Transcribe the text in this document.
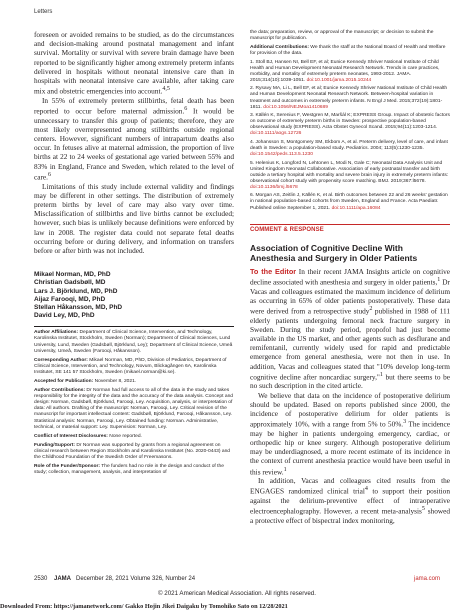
Letters

foreseen or avoided remains to be studied, as do the circumstances and decision-making around postnatal management and infant survival. Mortality or survival with severe brain damage have been reported to be significantly higher among extremely preterm infants delivered in hospitals without neonatal intensive care than in hospitals with neonatal intensive care available, after taking care mix and obstetric emergencies into account.$^{4,5}$

In 55% of extremely preterm stillbirths, fetal death has been reported to occur before maternal admission.$^6$ It would be unnecessary to transfer this group of patients; therefore, they are most likely overrepresented among stillbirths outside regional centers. However, significant numbers of intrapartum deaths also occur. In fetuses alive at maternal admission, the proportion of live births at 22 to 24 weeks of gestational age varied between 55% and 83% in England, France and Sweden, which related to the level of care.$^6$

Limitations of this study include external validity and findings may be different in other settings. The distribution of extremely preterm births by level of care may also vary over time. Misclassification of stillbirths and live births cannot be excluded; however, such bias is unlikely because definitions were enforced by law in 2008. The register data could not separate fetal deaths occurring before or during delivery, and information on transfers before or after birth was not included.

Mikael Norman, MD, PhD
Christian Gadsbøll, MD
Lars J. Björklund, MD, PhD
Aijaz Farooqi, MD, PhD
Stellan Håkansson, MD, PhD
David Ley, MD, PhD

Author Affiliations: Department of Clinical Science, Intervention, and Technology, Karolinska Institutet, Stockholm, Sweden (Norman); Department of Clinical Sciences, Lund University, Lund, Sweden (Gadsbøll, Björklund, Ley); Department of Clinical Science, Umeå University, Umeå, Sweden (Farooqi, Håkansson).

Corresponding Author: Mikael Norman, MD, PhD, Division of Pediatrics, Department of Clinical Science, Intervention, and Technology, Novum, Blickagången 6A, Karolinska Institutet, SE 141 57 Stockholm, Sweden (mikael.norman@ki.se).

Accepted for Publication: November 8, 2021.

Author Contributions: Dr Norman had full access to all of the data in the study and takes responsibility for the integrity of the data and the accuracy of the data analysis. Concept and design: Norman, Gadsbøll, Björklund, Farooqi, Ley. Acquisition, analysis, or interpretation of data: All authors. Drafting of the manuscript: Norman, Farooqi, Ley. Critical revision of the manuscript for important intellectual content: Gadsbøll, Björklund, Farooqi, Håkansson, Ley. Statistical analysis: Norman, Farooqi, Ley. Obtained funding: Norman. Administrative, technical, or material support: Ley. Supervision: Norman, Ley.

Conflict of Interest Disclosures: None reported.

Funding/Support: Dr Norman was supported by grants from a regional agreement on clinical research between Region Stockholm and Karolinska Institutet (No. 2020-0443) and the Childhood Foundation of the Swedish Order of Freemasons.

Role of the Funder/Sponsor: The funders had no role in the design and conduct of the study; collection, management, analysis, and interpretation of

the data; preparation, review, or approval of the manuscript; or decision to submit the manuscript for publication.

Additional Contributions: We thank the staff at the National Board of Health and Welfare for provision of the data.

1. Stoll BJ, Hansen NI, Bell EF, et al; Eunice Kennedy Shriver National Institute of Child Health and Human Development Neonatal Research Network. Trends in care practices, morbidity, and mortality of extremely preterm neonates, 1993-2012. JAMA. 2015;314(10):1039-1051. doi:10.1001/jama.2015.10244

2. Rysavy MA, Li L, Bell EF, et al; Eunice Kennedy Shriver National Institute of Child Health and Human Development Neonatal Research Network. Between-hospital variation in treatment and outcomes in extremely preterm infants. N Engl J Med. 2015;372(19):1801-1811. doi:10.1056/NEJMoa1410689

3. Källén K, Serenius F, Westgren M, Maršál K; EXPRESS Group. Impact of obstetric factors on outcome of extremely preterm births in Sweden: prospective population-based observational study (EXPRESS). Acta Obstet Gynecol Scand. 2015;94(11):1203-1214. doi:10.1111/aogs.12726

4. Johansson S, Montgomery SM, Ekbom A, et al. Preterm delivery, level of care, and infant death in Sweden: a population-based study. Pediatrics. 2004; 113(5):1230-1235. doi:10.1542/peds.113.5.1230

5. Helenius K, Longford N, Lehtonen L, Modi N, Gale C; Neonatal Data Analysis Unit and United Kingdom Neonatal Collaborative. Association of early postnatal transfer and birth outside a tertiary hospital with mortality and severe brain injury in extremely preterm infants: observational cohort study with propensity score matching. BMJ. 2019;367:l5678. doi:10.1136/bmj.l5678

6. Morgan AS, Zeitlin J, Källén K, et al. Birth outcomes between 22 and 26 weeks' gestation in national population-based cohorts from Sweden, England and France. Acta Paediatr. Published online September 1, 2021. doi:10.1111/apa.16084

COMMENT & RESPONSE
Association of Cognitive Decline With Anesthesia and Surgery in Older Patients

To the Editor In their recent JAMA Insights article on cognitive decline associated with anesthesia and surgery in older patients,$^1$ Dr Vacas and colleagues estimated the maximum incidence of delirium as occurring in 65% of older patients postoperatively. These data were derived from a retrospective study$^2$ published in 1988 of 111 elderly patients undergoing femoral neck fracture surgery in Sweden. During the study period, propofol had just become available in the US market, and other agents such as desflurane and remifentanil, currently widely used for rapid and predictable emergence from general anesthesia, were not then in use. In addition, Vacas and colleagues stated that "10% develop long-term cognitive decline after noncardiac surgery,"$^1$ but there seems to be no such description in the cited article.

We believe that data on the incidence of postoperative delirium should be updated. Based on reports published since 2000, the incidence of postoperative delirium for older patients is approximately 10%, with a range from 5% to 50%.$^3$ The incidence may be higher in patients undergoing emergency, cardiac, or orthopedic hip or knee surgery. Although postoperative delirium may be underdiagnosed, a more recent estimate of its incidence in the context of current anesthesia practice would have been useful in this review.$^1$

In addition, Vacas and colleagues cited results from the ENGAGES randomized clinical trial$^4$ to support their position against the delirium-preventive effect of intraoperative electroencephalography. However, a recent meta-analysis$^5$ showed a protective effect of bispectral index monitoring,

2530 JAMA December 28, 2021 Volume 326, Number 24	jama.com
© 2021 American Medical Association. All rights reserved.
Downloaded From: https://jamanetwork.com/ Gakko Hojin Jikei Daigaku by Tomohiko Sato on 12/28/2021
